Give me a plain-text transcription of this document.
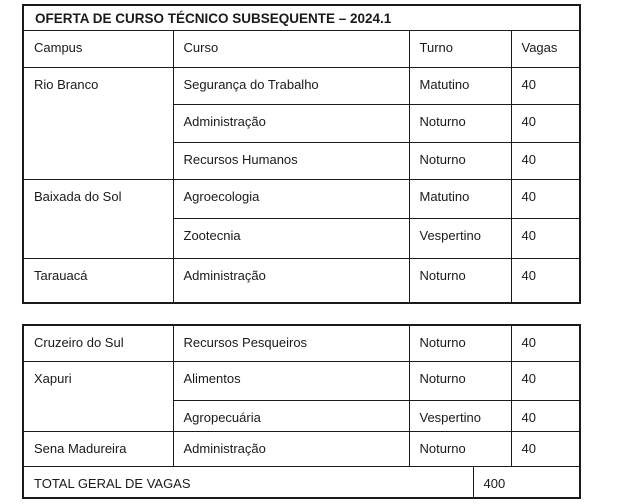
OFERTA DE CURSO TÉCNICO SUBSEQUENTE – 2024.1			
Campus	Curso	Turno	Vagas
Rio Branco	Segurança do Trabalho	Matutino	40
	Administração	Noturno	40
	Recursos Humanos	Noturno	40
Baixada do Sol	Agroecologia	Matutino	40
	Zootecnia	Vespertino	40
Tarauacá	Administração	Noturno	40
Cruzeiro do Sul	Recursos Pesqueiros	Noturno		40
Xapuri	Alimentos	Noturno		40
	Agropecuária	Vespertino		40
Sena Madureira	Administração	Noturno		40
TOTAL GERAL DE VAGAS			400	
